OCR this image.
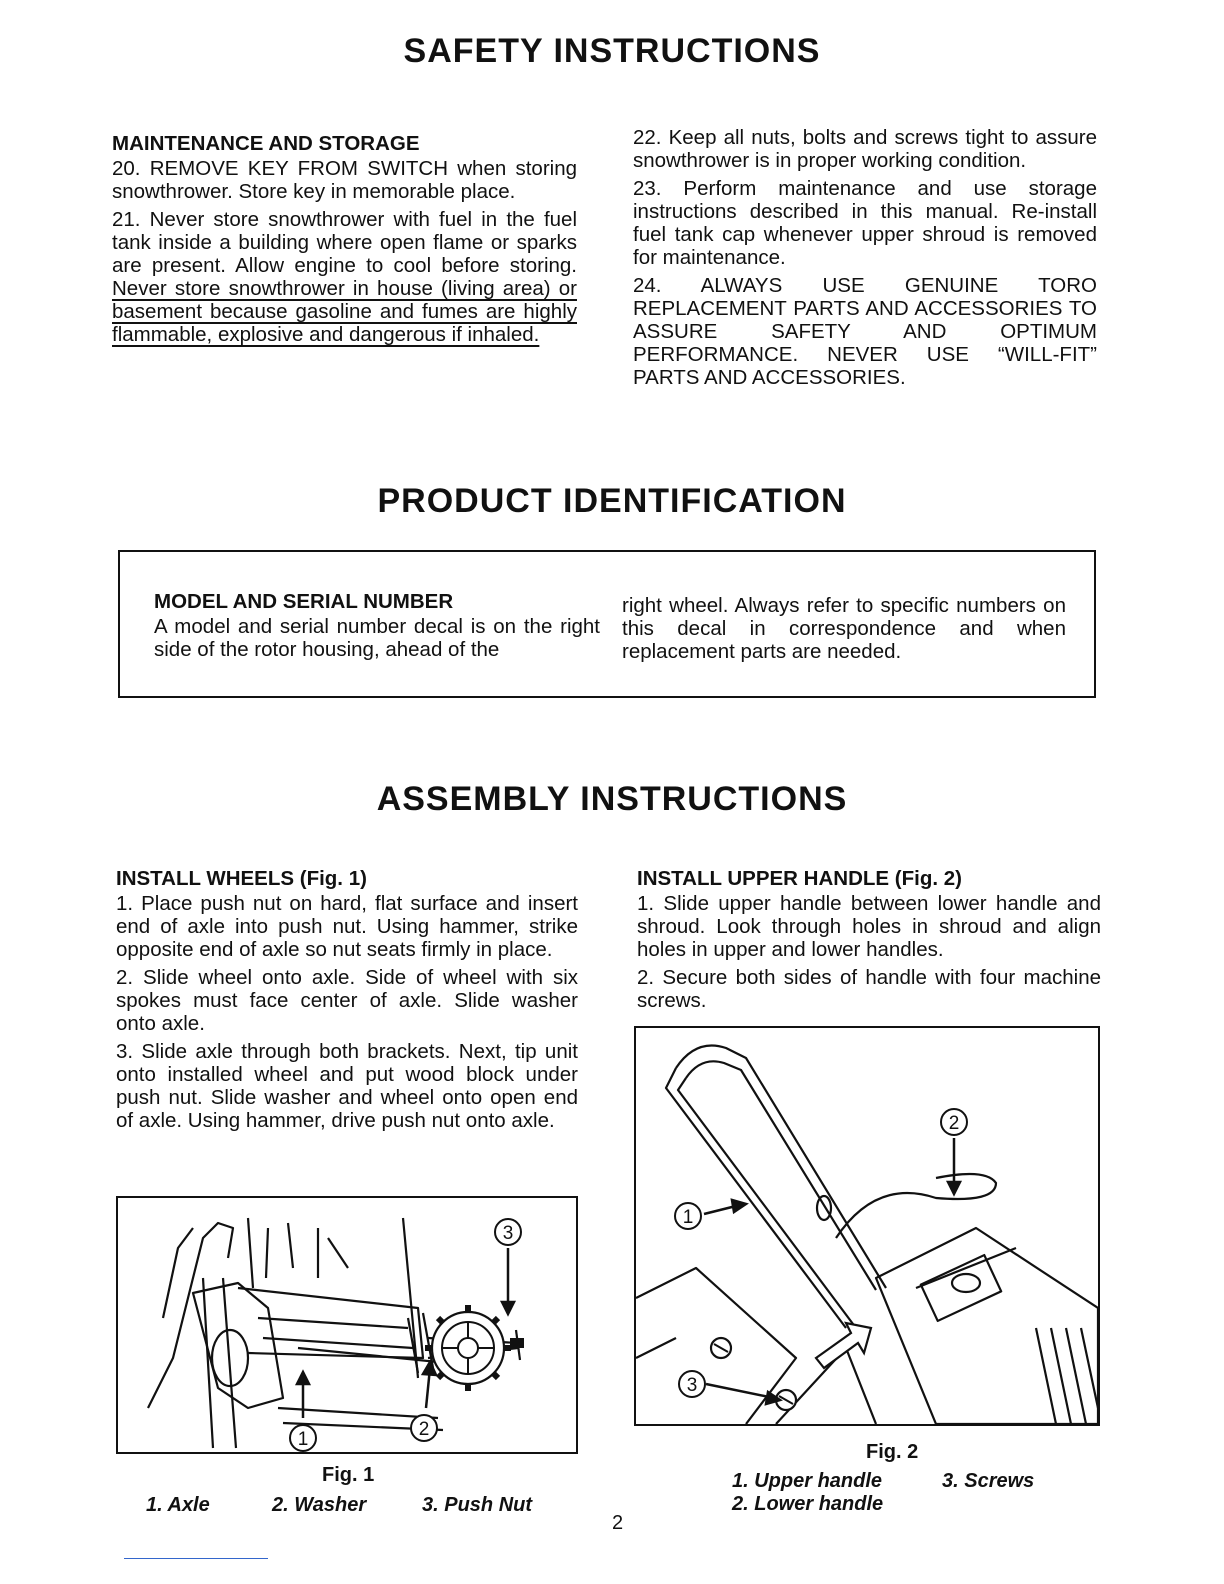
SAFETY INSTRUCTIONS
MAINTENANCE AND STORAGE

20. REMOVE KEY FROM SWITCH when storing snowthrower. Store key in memorable place.

21. Never store snowthrower with fuel in the fuel tank inside a building where open flame or sparks are present. Allow engine to cool before storing. Never store snowthrower in house (living area) or basement because gasoline and fumes are highly flammable, explosive and dangerous if inhaled.

22. Keep all nuts, bolts and screws tight to assure snowthrower is in proper working condition.

23. Perform maintenance and use storage instructions described in this manual. Re-install fuel tank cap whenever upper shroud is removed for maintenance.

24. ALWAYS USE GENUINE TORO REPLACEMENT PARTS AND ACCESSORIES TO ASSURE SAFETY AND OPTIMUM PERFORMANCE. NEVER USE “WILL-FIT” PARTS AND ACCESSORIES.

PRODUCT IDENTIFICATION
MODEL AND SERIAL NUMBER

A model and serial number decal is on the right side of the rotor housing, ahead of the

right wheel. Always refer to specific numbers on this decal in correspondence and when replacement parts are needed.

ASSEMBLY INSTRUCTIONS
INSTALL WHEELS (Fig. 1)

1. Place push nut on hard, flat surface and insert end of axle into push nut. Using hammer, strike opposite end of axle so nut seats firmly in place.

2. Slide wheel onto axle. Side of wheel with six spokes must face center of axle. Slide washer onto axle.

3. Slide axle through both brackets. Next, tip unit onto installed wheel and put wood block under push nut. Slide washer and wheel onto open end of axle. Using hammer, drive push nut onto axle.

INSTALL UPPER HANDLE (Fig. 2)

1. Slide upper handle between lower handle and shroud. Look through holes in shroud and align holes in upper and lower handles.

2. Secure both sides of handle with four machine screws.

3
1	2
Fig. 1
1. Axle	2. Washer	3. Push Nut
1
2
3
Fig. 2
1. Upper handle	3. Screws
2. Lower handle
2
